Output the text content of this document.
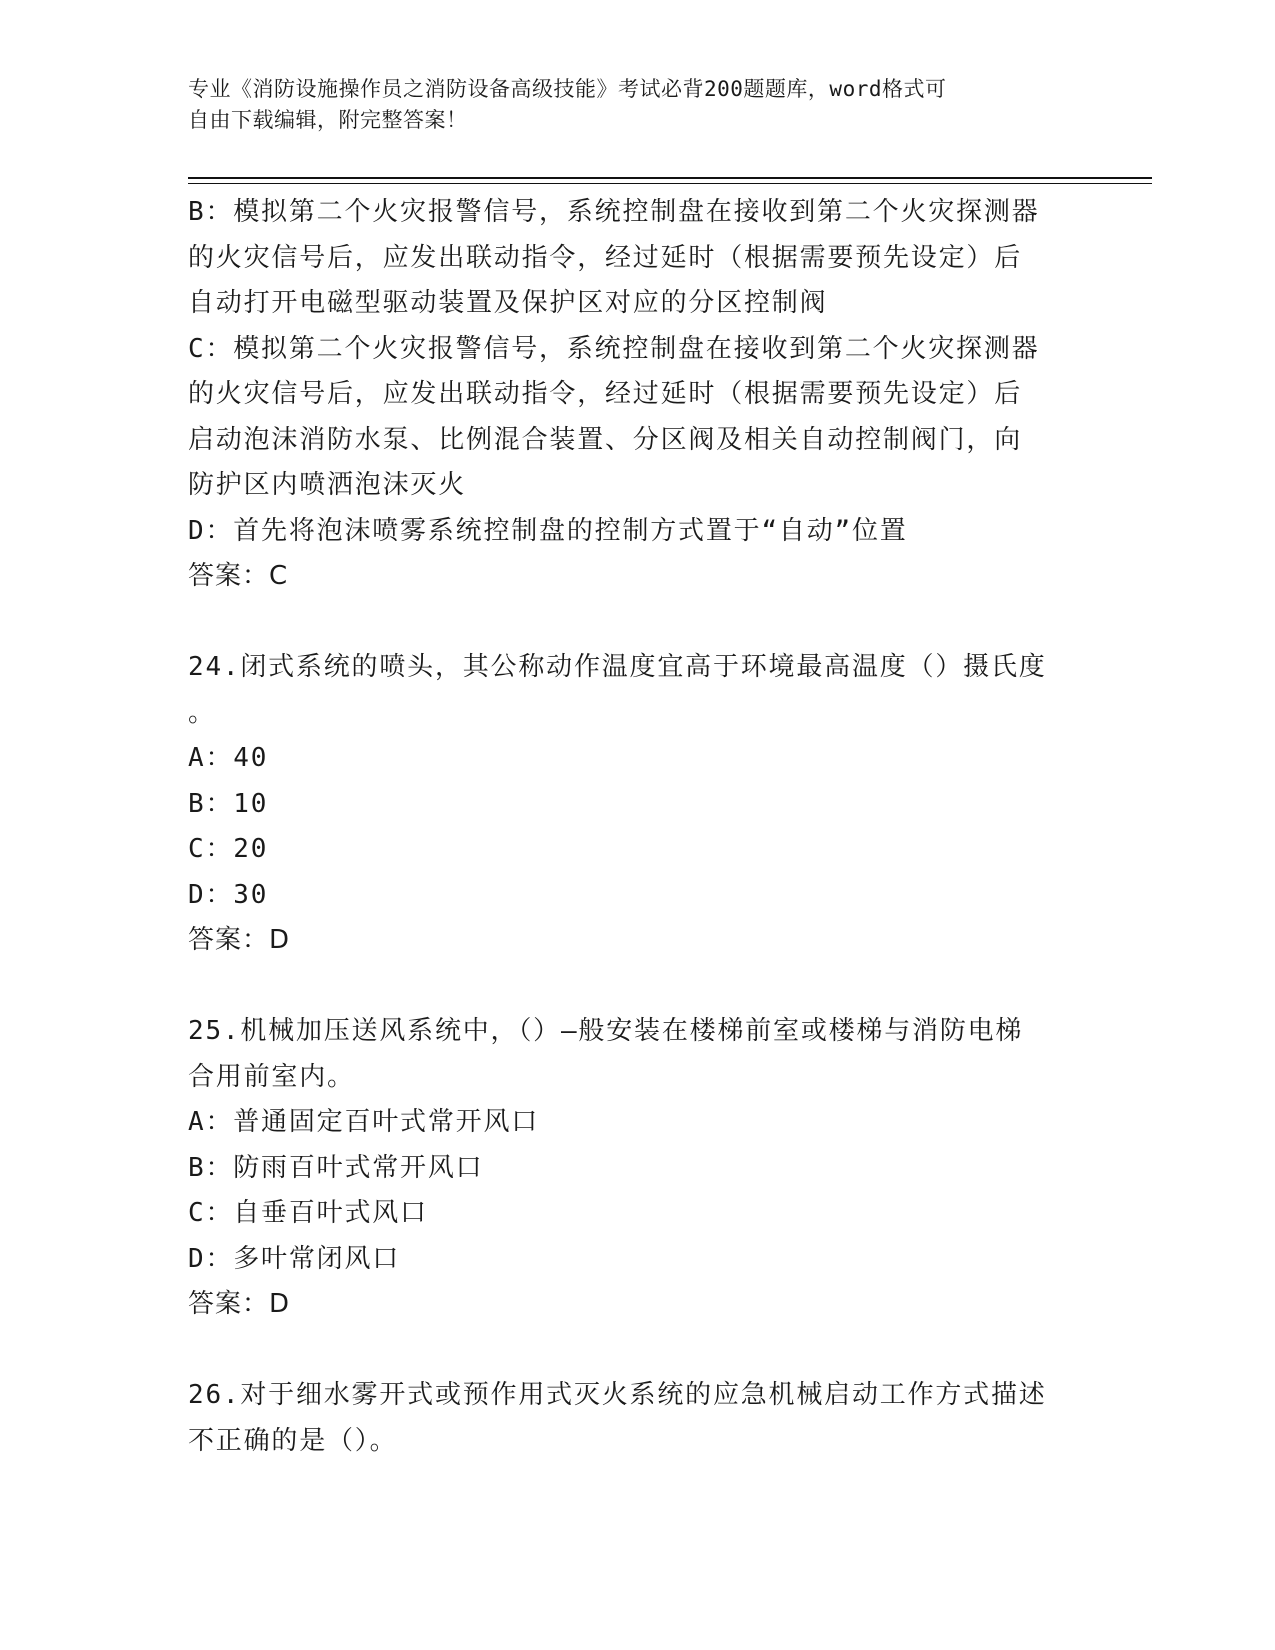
专业《消防设施操作员之消防设备高级技能》考试必背200题题库，word格式可
自由下载编辑，附完整答案！
B：模拟第二个火灾报警信号，系统控制盘在接收到第二个火灾探测器
的火灾信号后，应发出联动指令，经过延时（根据需要预先设定）后
自动打开电磁型驱动装置及保护区对应的分区控制阀
C：模拟第二个火灾报警信号，系统控制盘在接收到第二个火灾探测器
的火灾信号后，应发出联动指令，经过延时（根据需要预先设定）后
启动泡沫消防水泵、比例混合装置、分区阀及相关自动控制阀门，向
防护区内喷洒泡沫灭火
D：首先将泡沫喷雾系统控制盘的控制方式置于“自动”位置
答案：C
24.闭式系统的喷头，其公称动作温度宜高于环境最高温度（）摄氏度
。
A：40
B：10
C：20
D：30
答案：D
25.机械加压送风系统中，（）—般安装在楼梯前室或楼梯与消防电梯
合用前室内。
A：普通固定百叶式常开风口
B：防雨百叶式常开风口
C：自垂百叶式风口
D：多叶常闭风口
答案：D
26.对于细水雾开式或预作用式灭火系统的应急机械启动工作方式描述
不正确的是（）。
